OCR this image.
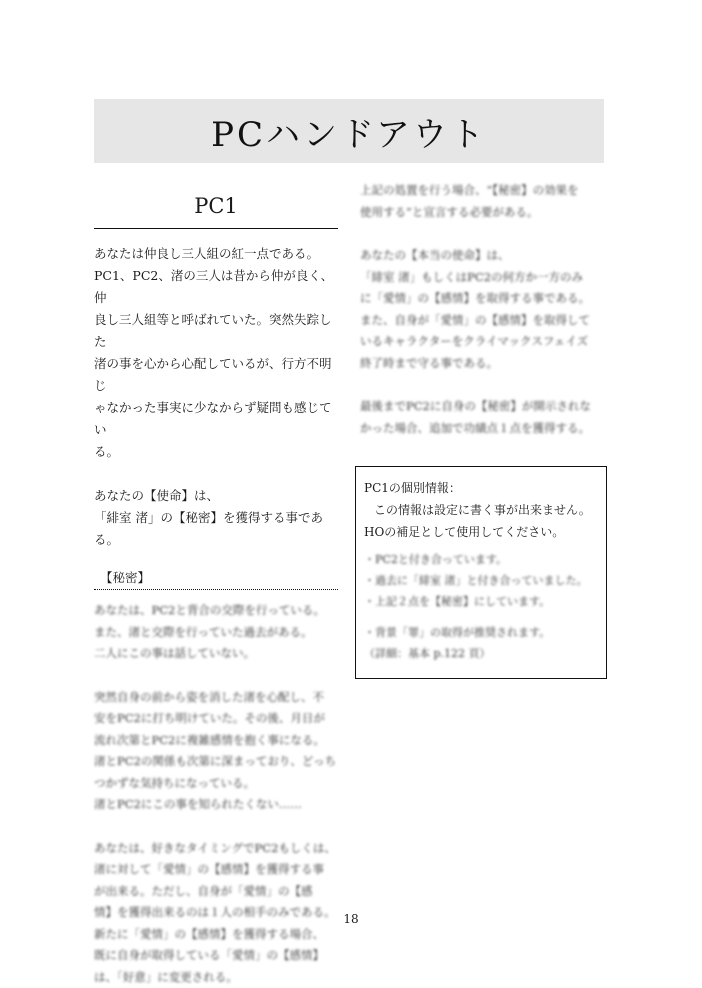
PCハンドアウト
PC1

あなたは仲良し三人組の紅一点である。

PC1、PC2、渚の三人は昔から仲が良く、仲

良し三人組等と呼ばれていた。突然失踪した

渚の事を心から心配しているが、行方不明じ

ゃなかった事実に少なからず疑問も感じてい

る。

あなたの【使命】は、

「緋室 渚」の【秘密】を獲得する事である。

【秘密】

あなたは、PC2と背合の交際を行っている。

また、渚と交際を行っていた過去がある。

二人にこの事は話していない。

突然自身の前から姿を消した渚を心配し、不

安をPC2に打ち明けていた。その後、月日が

流れ次第とPC2に複雑感情を抱く事になる。

渚とPC2の関係も次第に深まっており、どっち

つかずな気持ちになっている。

渚とPC2にこの事を知られたくない……

あなたは、好きなタイミングでPC2もしくは、

渚に対して「愛情」の【感情】を獲得する事

が出来る。ただし、自身が「愛情」の【感

情】を獲得出来るのは１人の相手のみである。

新たに「愛情」の【感情】を獲得する場合、

既に自身が取得している「愛情」の【感情】

は、「好意」に変更される。

上記の処置を行う場合、“【秘密】の効果を

使用する”と宣言する必要がある。

あなたの【本当の使命】は、

「緋室 渚」もしくはPC2の何方か一方のみ

に「愛情」の【感情】を取得する事である。

また、自身が「愛情」の【感情】を取得して

いるキャラクターをクライマックスフェイズ

終了時まで守る事である。

最後までPC2に自身の【秘密】が開示されな

かった場合、追加で功績点１点を獲得する。

PC1の個別情報：

この情報は設定に書く事が出来ません。

HOの補足として使用してください。

・PC2と付き合っています。

・過去に「緋室 渚」と付き合っていました。

・上記２点を【秘密】にしています。

・背景「罪」の取得が推奨されます。

（詳細：基本 p.122 頁）

18
